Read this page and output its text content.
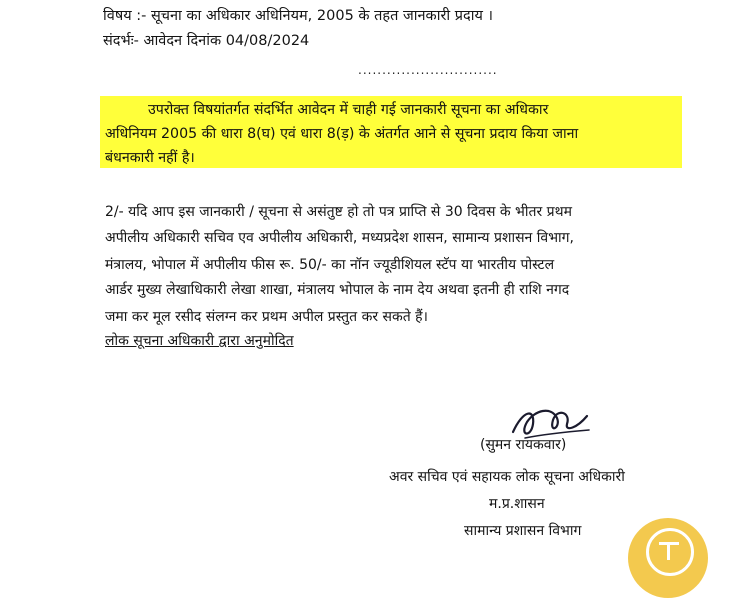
विषय :- सूचना का अधिकार अधिनियम, 2005 के तहत जानकारी प्रदाय ।
संदर्भः- आवेदन दिनांक 04/08/2024
.............................
उपरोक्त विषयांतर्गत संदर्भित आवेदन में चाही गई जानकारी सूचना का अधिकार
अधिनियम 2005 की धारा 8(घ) एवं धारा 8(ड़) के अंतर्गत आने से सूचना प्रदाय किया जाना
बंधनकारी नहीं है।
2/- यदि आप इस जानकारी / सूचना से असंतुष्ट हो तो पत्र प्राप्ति से 30 दिवस के भीतर प्रथम
अपीलीय अधिकारी सचिव एव अपीलीय अधिकारी, मध्यप्रदेश शासन, सामान्य प्रशासन विभाग,
मंत्रालय, भोपाल में अपीलीय फीस रू. 50/- का नॉन ज्यूडीशियल स्टॅप या भारतीय पोस्टल
आर्डर मुख्य लेखाधिकारी लेखा शाखा, मंत्रालय भोपाल के नाम देय अथवा इतनी ही राशि नगद
जमा कर मूल रसीद संलग्न कर प्रथम अपील प्रस्तुत कर सकते हैं।
लोक सूचना अधिकारी द्वारा अनुमोदित
(सुमन रायकवार)
अवर सचिव एवं सहायक लोक सूचना अधिकारी
म.प्र.शासन
सामान्य प्रशासन विभाग
